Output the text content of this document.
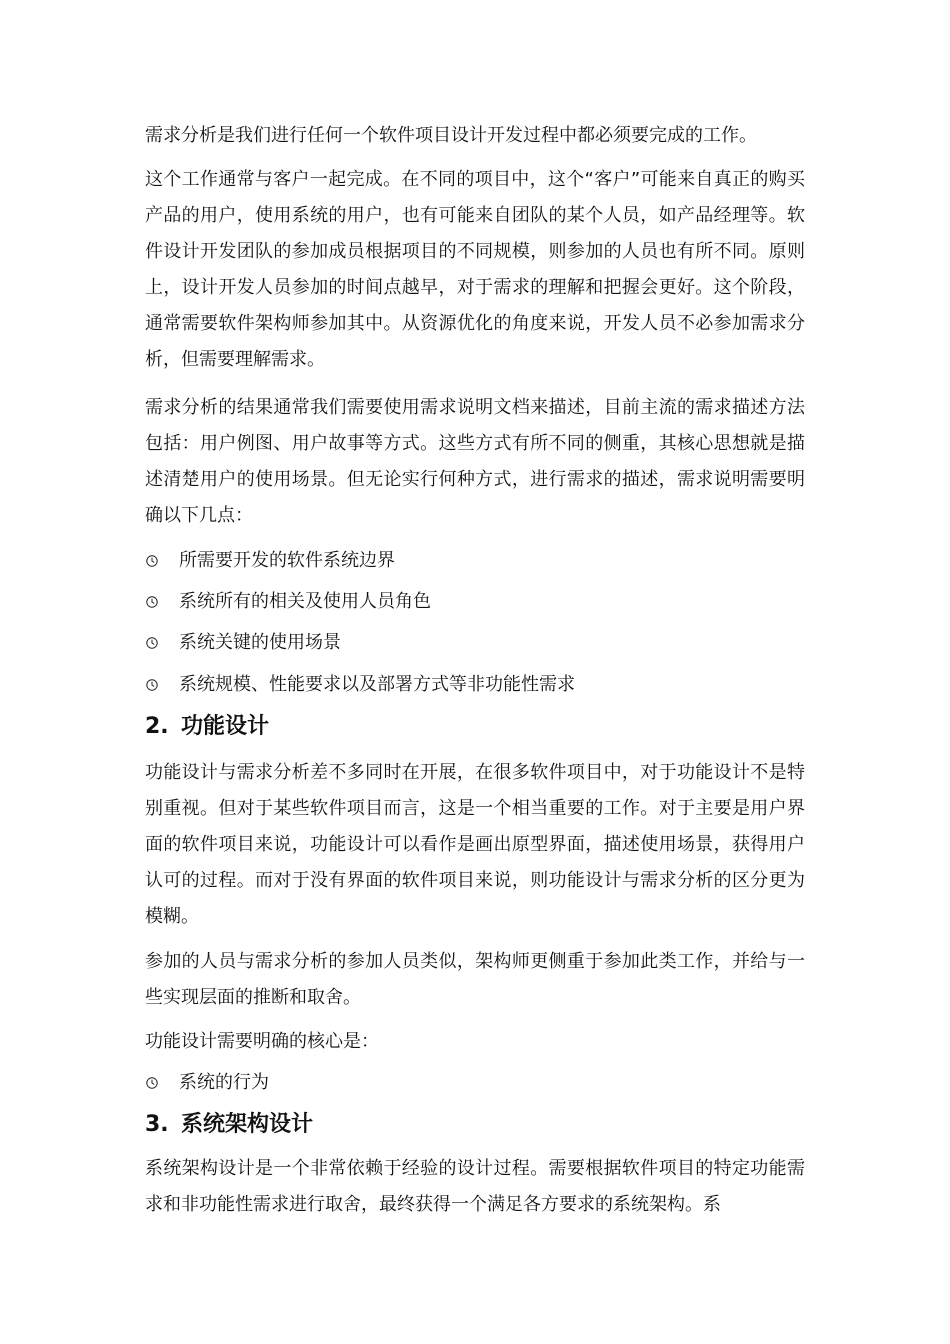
需求分析是我们进行任何一个软件项目设计开发过程中都必须要完成的工作。

这个工作通常与客户一起完成。在不同的项目中，这个“客户”可能来自真正的购买产品的用户，使用系统的用户，也有可能来自团队的某个人员，如产品经理等。软件设计开发团队的参加成员根据项目的不同规模，则参加的人员也有所不同。原则上，设计开发人员参加的时间点越早，对于需求的理解和把握会更好。这个阶段，通常需要软件架构师参加其中。从资源优化的角度来说，开发人员不必参加需求分析，但需要理解需求。

需求分析的结果通常我们需要使用需求说明文档来描述，目前主流的需求描述方法包括：用户例图、用户故事等方式。这些方式有所不同的侧重，其核心思想就是描述清楚用户的使用场景。但无论实行何种方式，进行需求的描述，需求说明需要明确以下几点：

所需要开发的软件系统边界
系统所有的相关及使用人员角色
系统关键的使用场景
系统规模、性能要求以及部署方式等非功能性需求
2. 功能设计

功能设计与需求分析差不多同时在开展，在很多软件项目中，对于功能设计不是特别重视。但对于某些软件项目而言，这是一个相当重要的工作。对于主要是用户界面的软件项目来说，功能设计可以看作是画出原型界面，描述使用场景，获得用户认可的过程。而对于没有界面的软件项目来说，则功能设计与需求分析的区分更为模糊。

参加的人员与需求分析的参加人员类似，架构师更侧重于参加此类工作，并给与一些实现层面的推断和取舍。

功能设计需要明确的核心是：

系统的行为
3. 系统架构设计

系统架构设计是一个非常依赖于经验的设计过程。需要根据软件项目的特定功能需求和非功能性需求进行取舍，最终获得一个满足各方要求的系统架构。系
